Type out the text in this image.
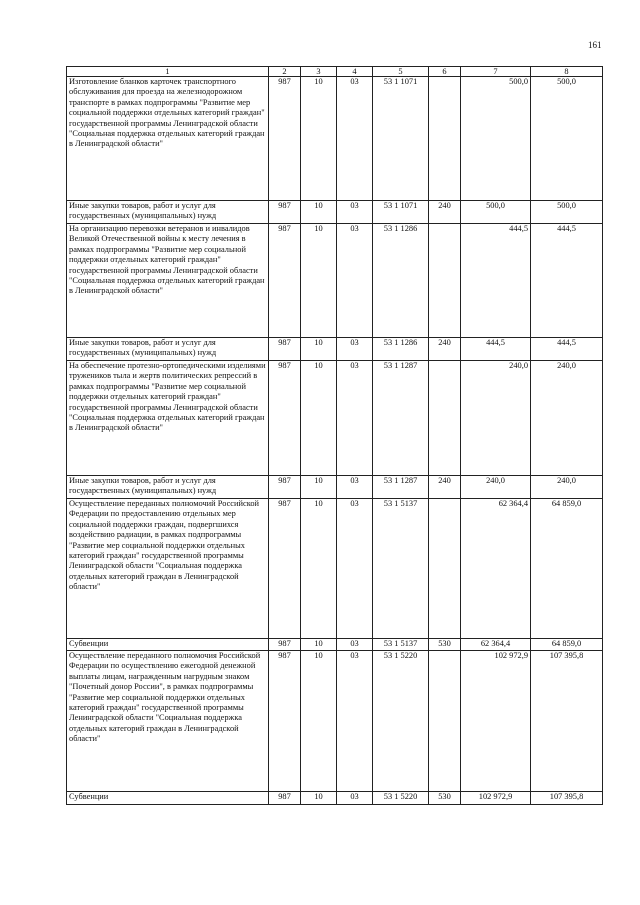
161
1	2	3	4	5	6	7	8
Изготовление бланков карточек транспортного обслуживания для проезда на железнодорожном транспорте в рамках подпрограммы "Развитие мер социальной поддержки отдельных категорий граждан" государственной программы Ленинградской области "Социальная поддержка отдельных категорий граждан в Ленинградской области"	987	10	03	53 1 1071		500,0	500,0
Иные закупки товаров, работ и услуг для государственных (муниципальных) нужд	987	10	03	53 1 1071	240	500,0	500,0
На организацию перевозки ветеранов и инвалидов Великой Отечественной войны к месту лечения в рамках подпрограммы "Развитие мер социальной поддержки отдельных категорий граждан" государственной программы Ленинградской области "Социальная поддержка отдельных категорий граждан в Ленинградской области"	987	10	03	53 1 1286		444,5	444,5
Иные закупки товаров, работ и услуг для государственных (муниципальных) нужд	987	10	03	53 1 1286	240	444,5	444,5
На обеспечение протезно-ортопедическими изделиями тружеников тыла и жертв политических репрессий в рамках подпрограммы "Развитие мер социальной поддержки отдельных категорий граждан" государственной программы Ленинградской области "Социальная поддержка отдельных категорий граждан в Ленинградской области"	987	10	03	53 1 1287		240,0	240,0
Иные закупки товаров, работ и услуг для государственных (муниципальных) нужд	987	10	03	53 1 1287	240	240,0	240,0
Осуществление переданных полномочий Российской Федерации по предоставлению отдельных мер социальной поддержки граждан, подвергшихся воздействию радиации, в рамках подпрограммы "Развитие мер социальной поддержки отдельных категорий граждан" государственной программы Ленинградской области "Социальная поддержка отдельных категорий граждан в Ленинградской области"	987	10	03	53 1 5137		62 364,4	64 859,0
Субвенции	987	10	03	53 1 5137	530	62 364,4	64 859,0
Осуществление переданного полномочия Российской Федерации по осуществлению ежегодной денежной выплаты лицам, награжденным нагрудным знаком "Почетный донор России", в рамках подпрограммы "Развитие мер социальной поддержки отдельных категорий граждан" государственной программы Ленинградской области "Социальная поддержка отдельных категорий граждан в Ленинградской области"	987	10	03	53 1 5220		102 972,9	107 395,8
Субвенции	987	10	03	53 1 5220	530	102 972,9	107 395,8
